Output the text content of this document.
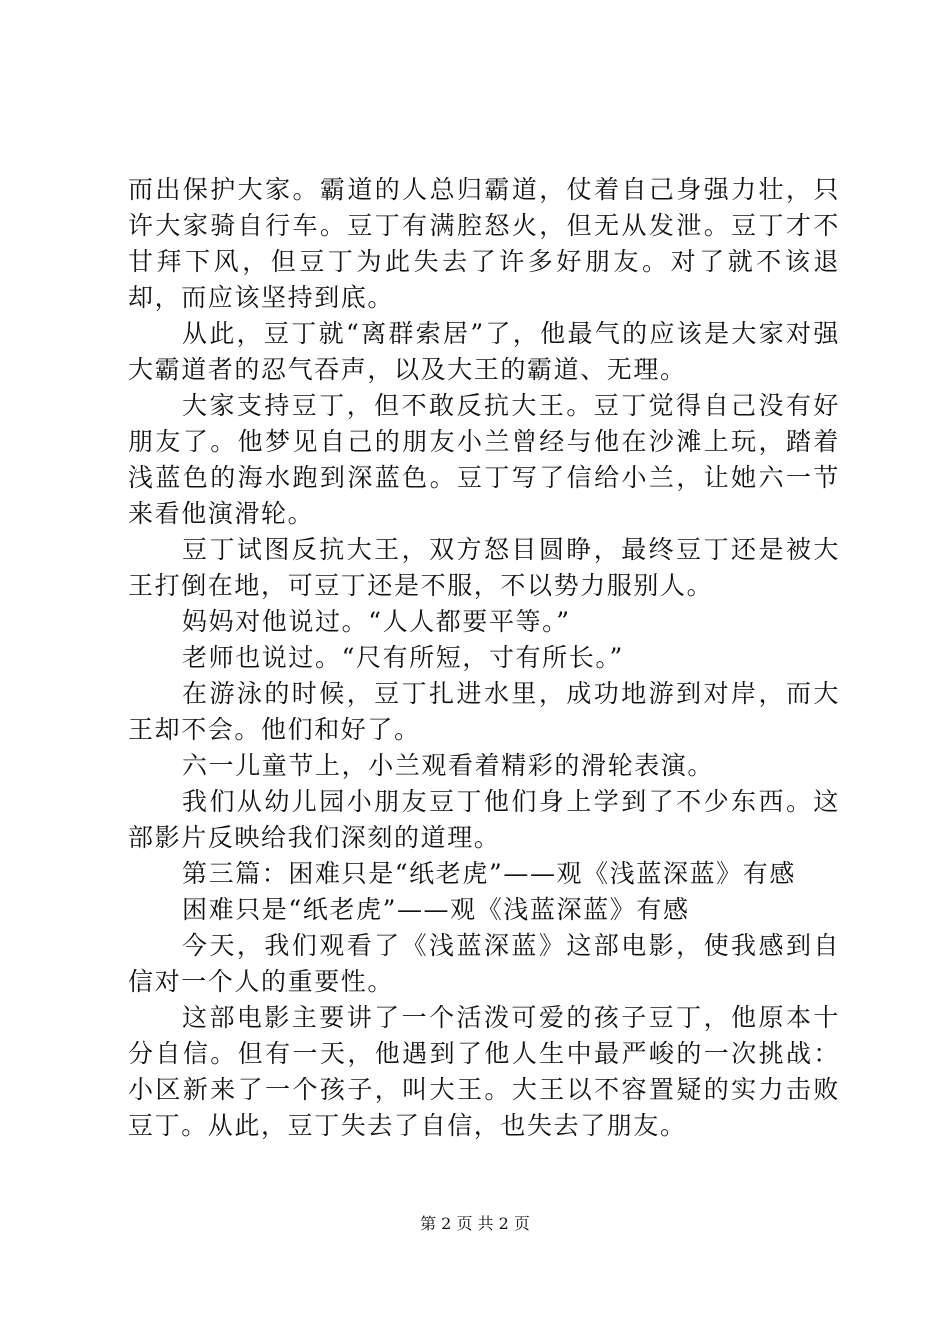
而出保护大家。霸道的人总归霸道，仗着自己身强力壮，只许大家骑自行车。豆丁有满腔怒火，但无从发泄。豆丁才不甘拜下风，但豆丁为此失去了许多好朋友。对了就不该退却，而应该坚持到底。

从此，豆丁就“离群索居”了，他最气的应该是大家对强大霸道者的忍气吞声，以及大王的霸道、无理。

大家支持豆丁，但不敢反抗大王。豆丁觉得自己没有好朋友了。他梦见自己的朋友小兰曾经与他在沙滩上玩，踏着浅蓝色的海水跑到深蓝色。豆丁写了信给小兰，让她六一节来看他演滑轮。

豆丁试图反抗大王，双方怒目圆睁，最终豆丁还是被大王打倒在地，可豆丁还是不服，不以势力服别人。

妈妈对他说过。“人人都要平等。”

老师也说过。“尺有所短，寸有所长。”

在游泳的时候，豆丁扎进水里，成功地游到对岸，而大王却不会。他们和好了。

六一儿童节上，小兰观看着精彩的滑轮表演。

我们从幼儿园小朋友豆丁他们身上学到了不少东西。这部影片反映给我们深刻的道理。

第三篇：困难只是“纸老虎”——观《浅蓝深蓝》有感

困难只是“纸老虎”——观《浅蓝深蓝》有感

今天，我们观看了《浅蓝深蓝》这部电影，使我感到自信对一个人的重要性。

这部电影主要讲了一个活泼可爱的孩子豆丁，他原本十分自信。但有一天，他遇到了他人生中最严峻的一次挑战：小区新来了一个孩子，叫大王。大王以不容置疑的实力击败豆丁。从此，豆丁失去了自信，也失去了朋友。

第 2 页 共 2 页
